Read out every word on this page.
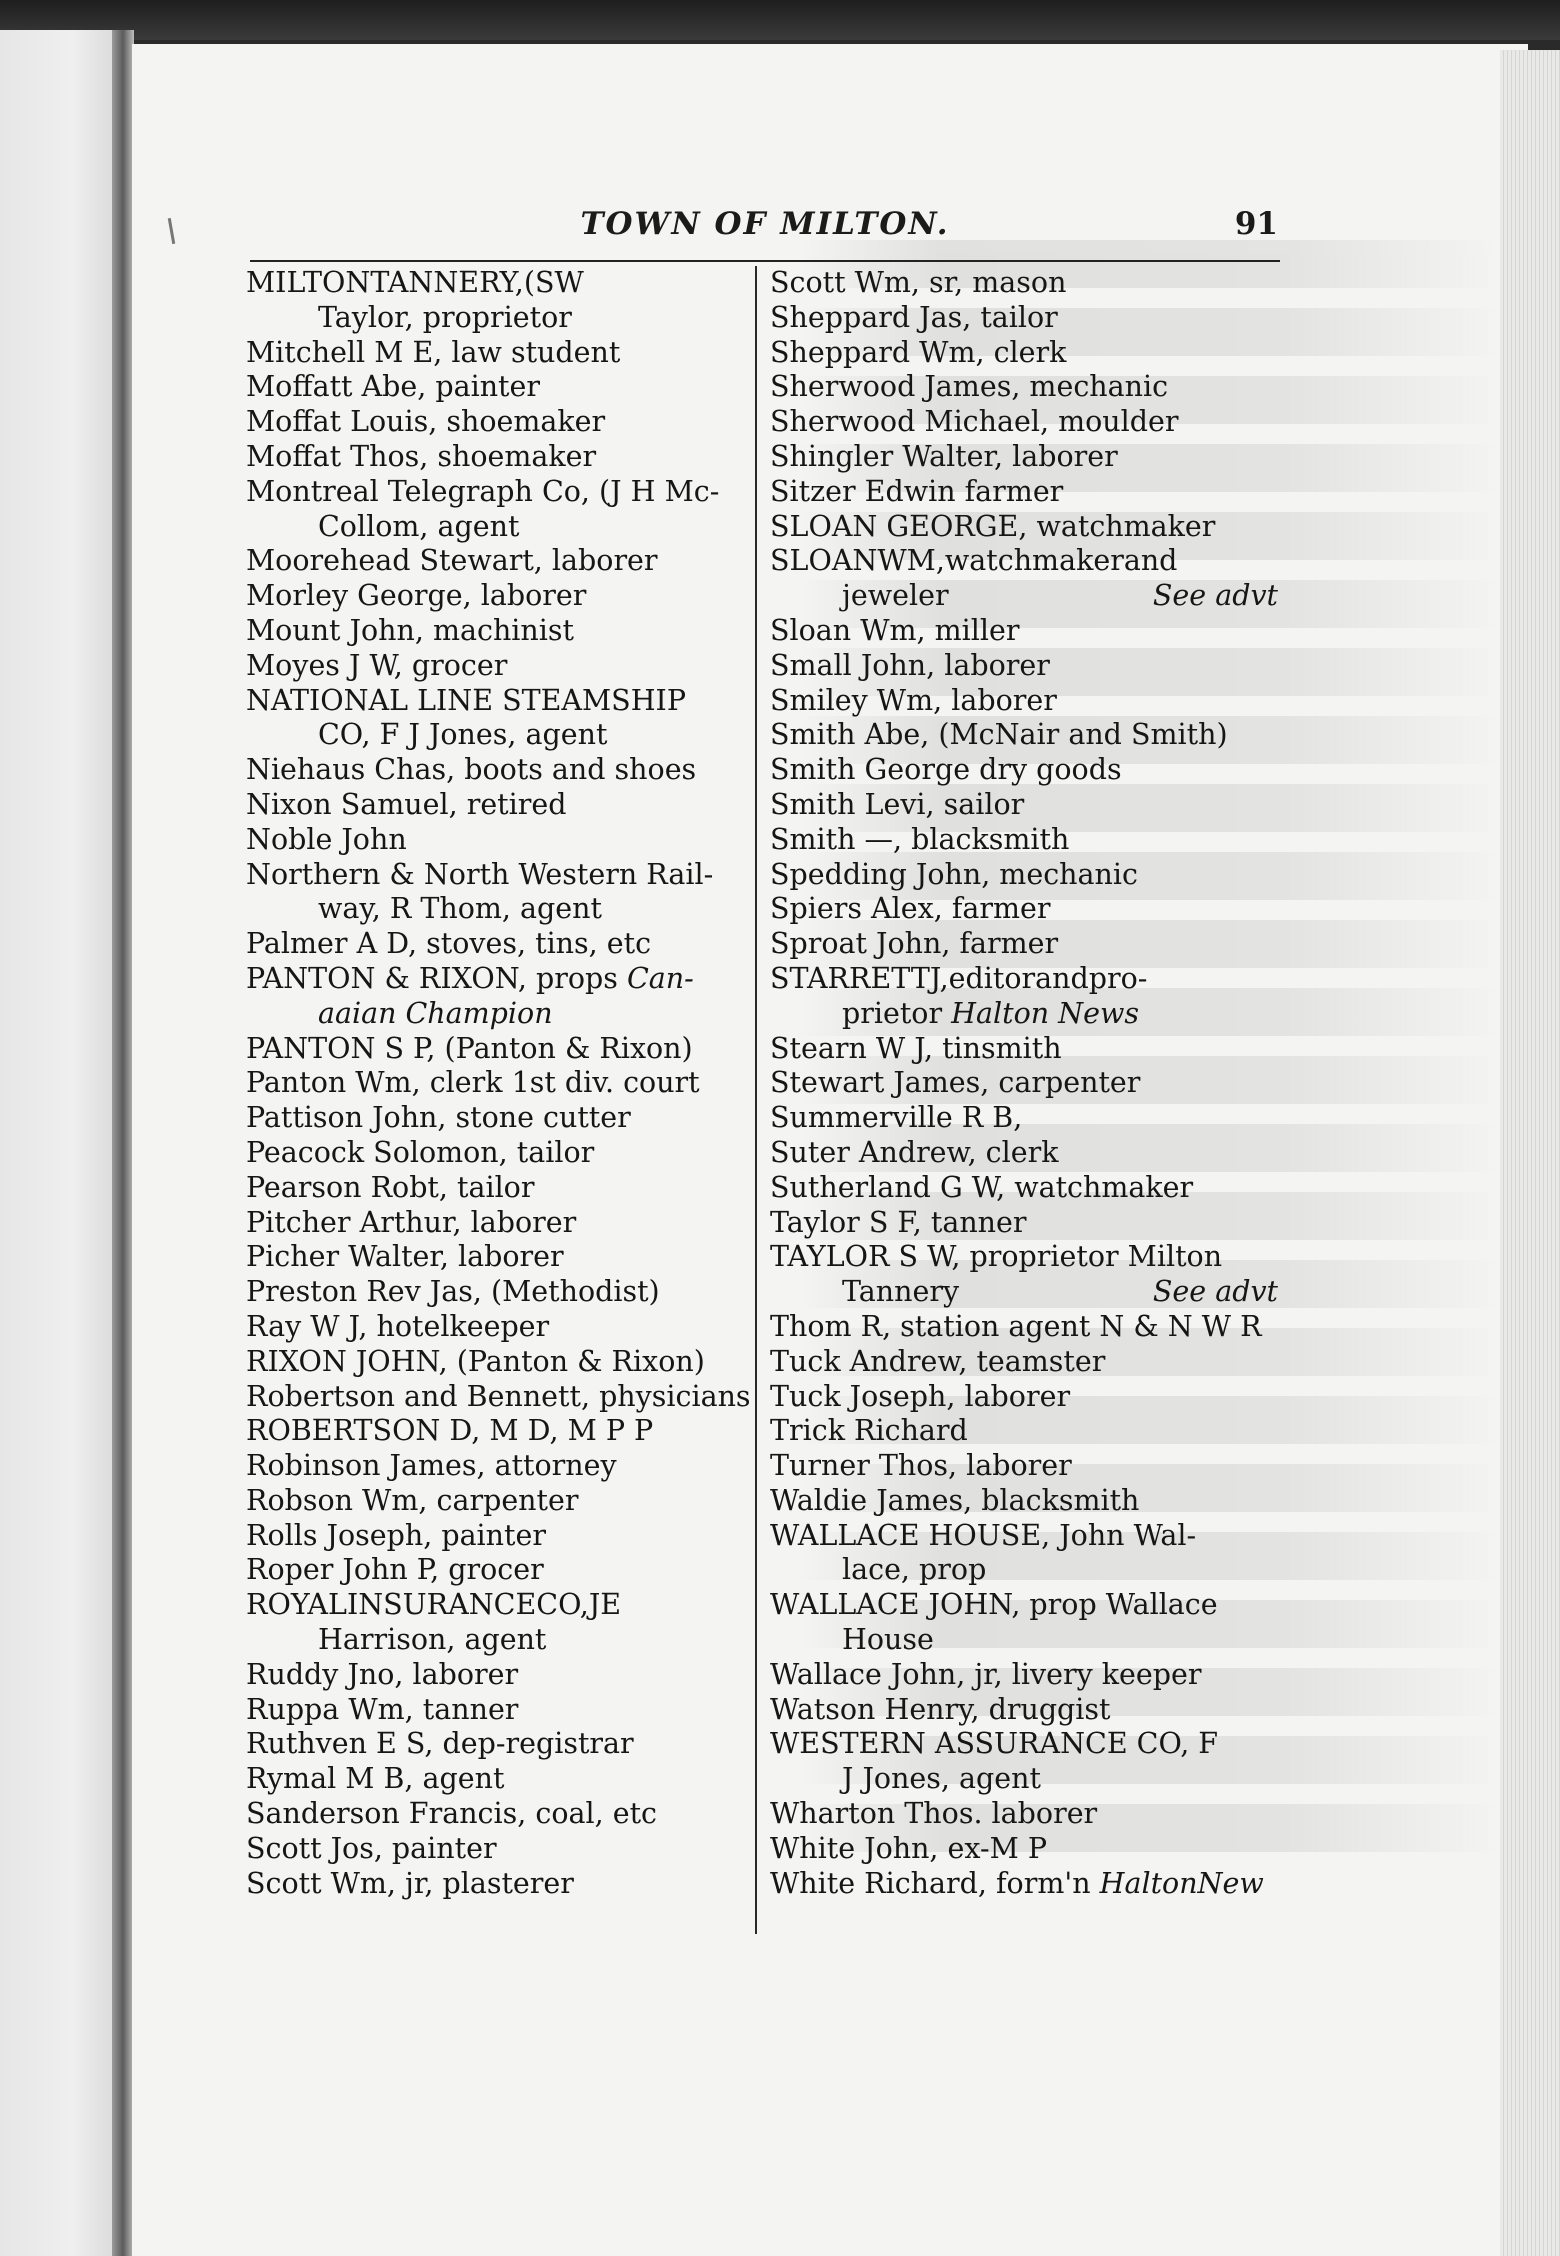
TOWN OF MILTON.	91
MILTONTANNERY,(SW
Taylor, proprietor
Mitchell M E, law student
Moffatt Abe, painter
Moffat Louis, shoemaker
Moffat Thos, shoemaker
Montreal Telegraph Co, (J H Mc-
Collom, agent
Moorehead Stewart, laborer
Morley George, laborer
Mount John, machinist
Moyes J W, grocer
NATIONAL LINE STEAMSHIP
CO, F J Jones, agent
Niehaus Chas, boots and shoes
Nixon Samuel, retired
Noble John
Northern & North Western Rail-
way, R Thom, agent
Palmer A D, stoves, tins, etc
PANTON & RIXON, props Can-
aaian Champion
PANTON S P, (Panton & Rixon)
Panton Wm, clerk 1st div. court
Pattison John, stone cutter
Peacock Solomon, tailor
Pearson Robt, tailor
Pitcher Arthur, laborer
Picher Walter, laborer
Preston Rev Jas, (Methodist)
Ray W J, hotelkeeper
RIXON JOHN, (Panton & Rixon)
Robertson and Bennett, physicians
ROBERTSON D, M D, M P P
Robinson James, attorney
Robson Wm, carpenter
Rolls Joseph, painter
Roper John P, grocer
ROYALINSURANCECO,JE
Harrison, agent
Ruddy Jno, laborer
Ruppa Wm, tanner
Ruthven E S, dep-registrar
Rymal M B, agent
Sanderson Francis, coal, etc
Scott Jos, painter
Scott Wm, jr, plasterer
Scott Wm, sr, mason
Sheppard Jas, tailor
Sheppard Wm, clerk
Sherwood James, mechanic
Sherwood Michael, moulder
Shingler Walter, laborer
Sitzer Edwin farmer
SLOAN GEORGE, watchmaker
SLOANWM,watchmakerand
jeweler	See advt
Sloan Wm, miller
Small John, laborer
Smiley Wm, laborer
Smith Abe, (McNair and Smith)
Smith George dry goods
Smith Levi, sailor
Smith —, blacksmith
Spedding John, mechanic
Spiers Alex, farmer
Sproat John, farmer
STARRETTJ,editorandpro-
prietor Halton News
Stearn W J, tinsmith
Stewart James, carpenter
Summerville R B,
Suter Andrew, clerk
Sutherland G W, watchmaker
Taylor S F, tanner
TAYLOR S W, proprietor Milton
Tannery	See advt
Thom R, station agent N & N W R
Tuck Andrew, teamster
Tuck Joseph, laborer
Trick Richard
Turner Thos, laborer
Waldie James, blacksmith
WALLACE HOUSE, John Wal-
lace, prop
WALLACE JOHN, prop Wallace
House
Wallace John, jr, livery keeper
Watson Henry, druggist
WESTERN ASSURANCE CO, F
J Jones, agent
Wharton Thos. laborer
White John, ex-M P
White Richard, form'n HaltonNew
